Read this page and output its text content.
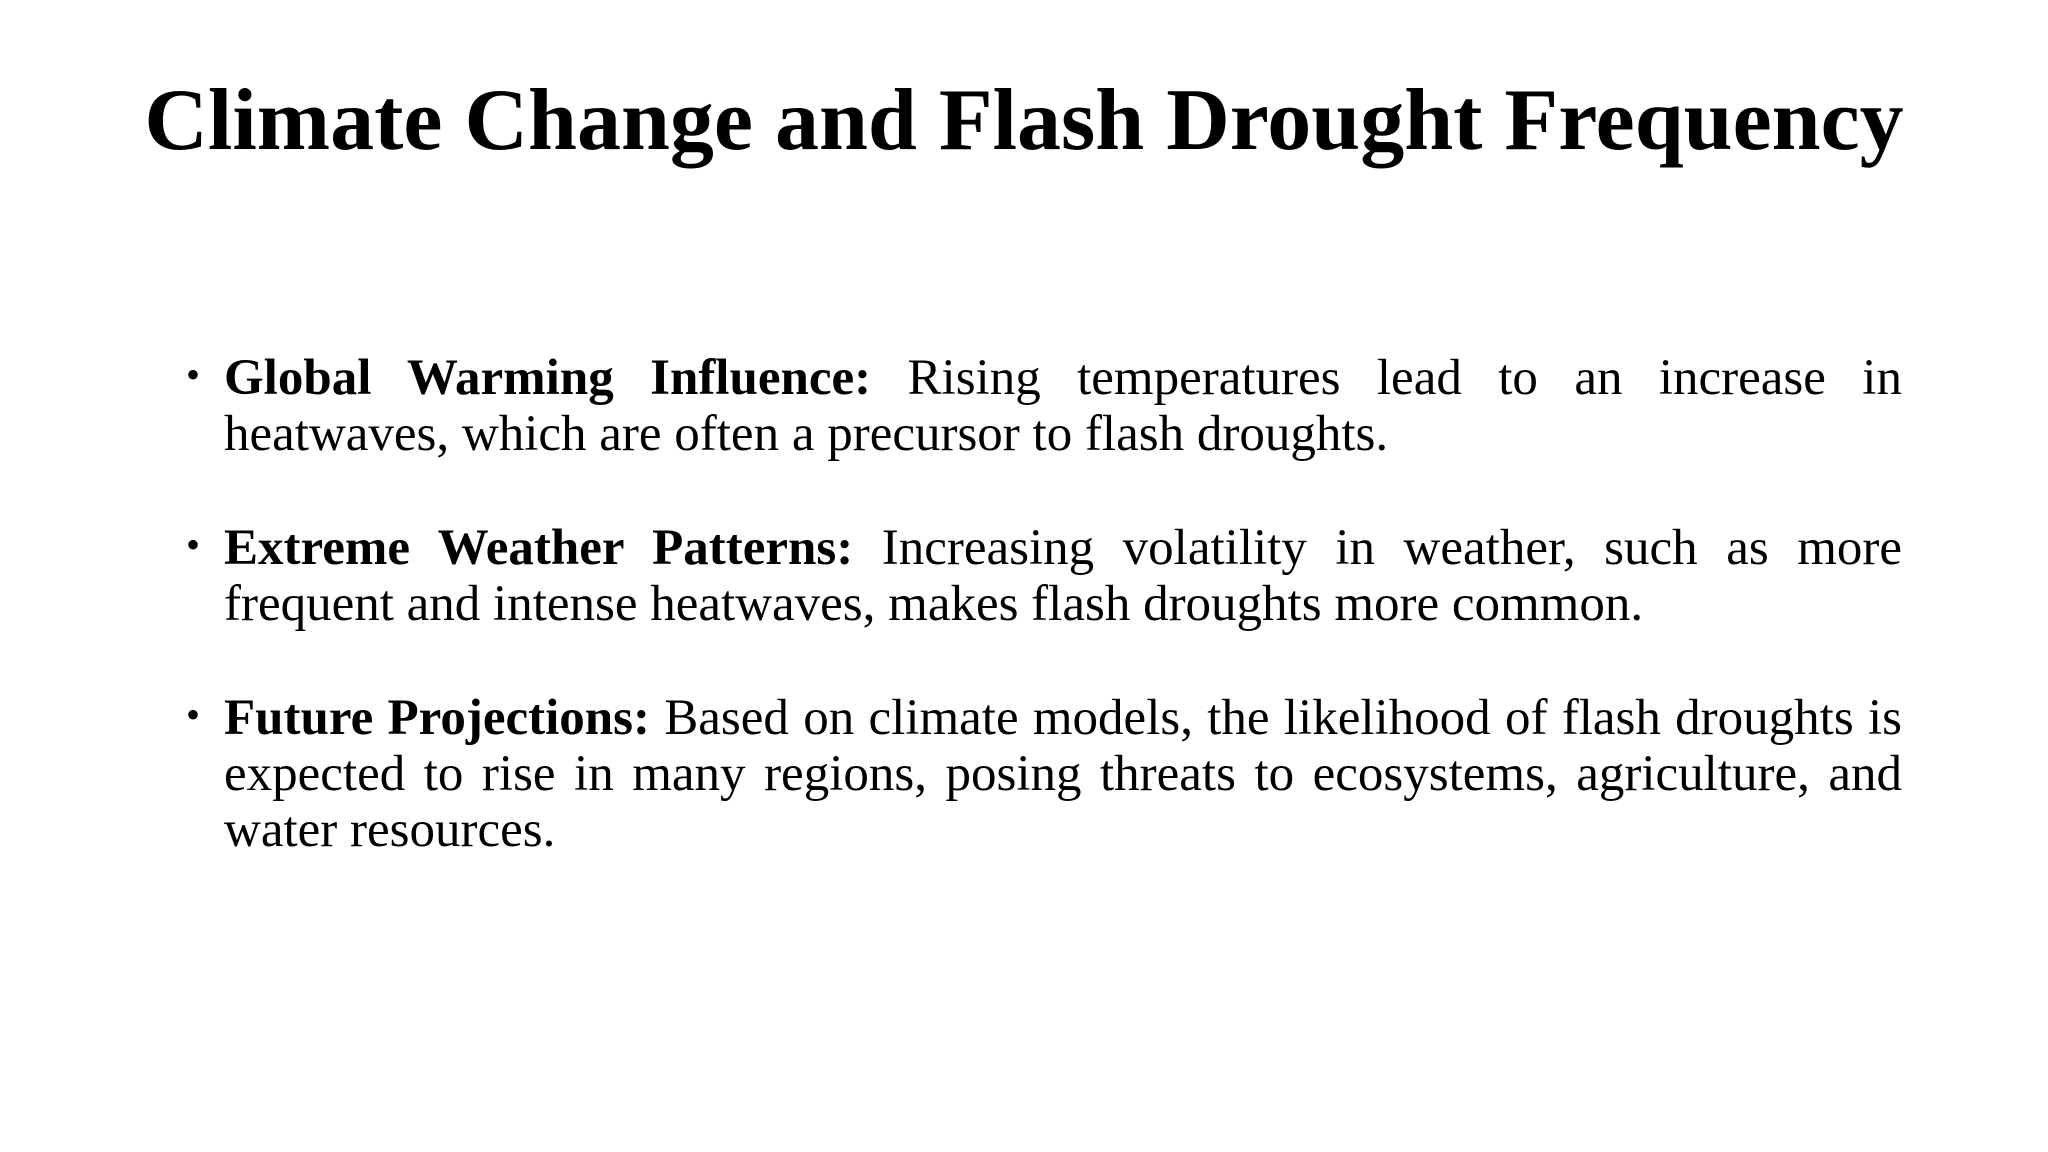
Climate Change and Flash Drought Frequency
• Global Warming Influence: Rising temperatures lead to an increase in heatwaves, which are often a precursor to flash droughts.
• Extreme Weather Patterns: Increasing volatility in weather, such as more frequent and intense heatwaves, makes flash droughts more common.
• Future Projections: Based on climate models, the likelihood of flash droughts is expected to rise in many regions, posing threats to ecosystems, agriculture, and water resources.
